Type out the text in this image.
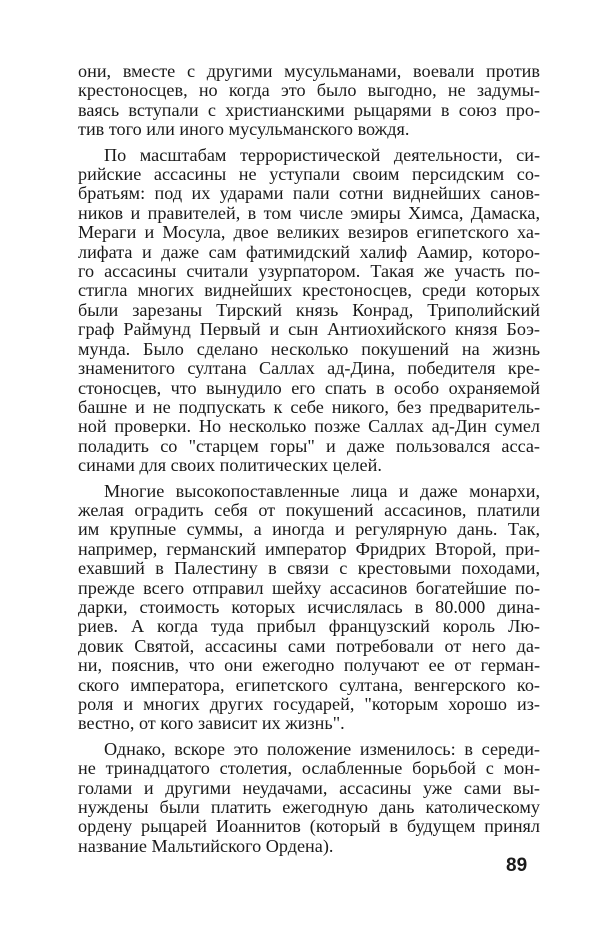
они, вместе с другими мусульманами, воевали против
крестоносцев, но когда это было выгодно, не задумы-
ваясь вступали с христианскими рыцарями в союз про-
тив того или иного мусульманского вождя.
По масштабам террористической деятельности, си-
рийские ассасины не уступали своим персидским со-
братьям: под их ударами пали сотни виднейших санов-
ников и правителей, в том числе эмиры Химса, Дамаска,
Мераги и Мосула, двое великих везиров египетского ха-
лифата и даже сам фатимидский халиф Аамир, которо-
го ассасины считали узурпатором. Такая же участь по-
стигла многих виднейших крестоносцев, среди которых
были зарезаны Тирский князь Конрад, Триполийский
граф Раймунд Первый и сын Антиохийского князя Боэ-
мунда. Было сделано несколько покушений на жизнь
знаменитого султана Саллах ад-Дина, победителя кре-
стоносцев, что вынудило его спать в особо охраняемой
башне и не подпускать к себе никого, без предваритель-
ной проверки. Но несколько позже Саллах ад-Дин сумел
поладить со "старцем горы" и даже пользовался асса-
синами для своих политических целей.
Многие высокопоставленные лица и даже монархи,
желая оградить себя от покушений ассасинов, платили
им крупные суммы, а иногда и регулярную дань. Так,
например, германский император Фридрих Второй, при-
ехавший в Палестину в связи с крестовыми походами,
прежде всего отправил шейху ассасинов богатейшие по-
дарки, стоимость которых исчислялась в 80.000 дина-
риев. А когда туда прибыл французский король Лю-
довик Святой, ассасины сами потребовали от него да-
ни, пояснив, что они ежегодно получают ее от герман-
ского императора, египетского султана, венгерского ко-
роля и многих других государей, "которым хорошо из-
вестно, от кого зависит их жизнь".
Однако, вскоре это положение изменилось: в середи-
не тринадцатого столетия, ослабленные борьбой с мон-
голами и другими неудачами, ассасины уже сами вы-
нуждены были платить ежегодную дань католическому
ордену рыцарей Иоаннитов (который в будущем принял
название Мальтийского Ордена).
89
